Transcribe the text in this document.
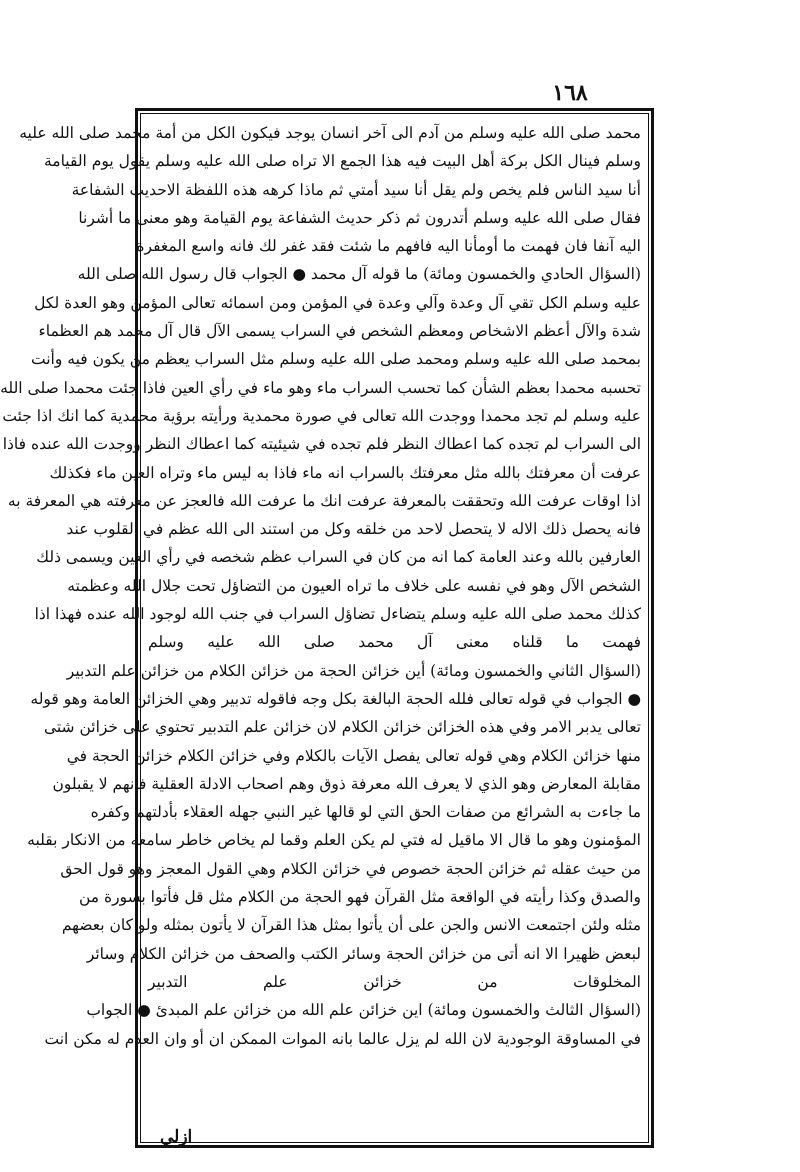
١٦٨
محمد صلى الله عليه وسلم من آدم الى آخر انسان يوجد فيكون الكل من أمة محمد صلى الله عليه
وسلم فينال الكل بركة أهل البيت فيه هذا الجمع الا تراه صلى الله عليه وسلم يقول يوم القيامة
أنا سيد الناس فلم يخص ولم يقل أنا سيد أمتي ثم ماذا كرهه هذه اللفظة الاحديث الشفاعة
فقال صلى الله عليه وسلم أتدرون ثم ذكر حديث الشفاعة يوم القيامة وهو معنى ما أشرنا
اليه آنفا فان فهمت ما أومأنا اليه فافهم ما شئت فقد غفر لك فانه واسع المغفرة
(السؤال الحادي والخمسون ومائة) ما قوله آل محمد ● الجواب قال رسول الله صلى الله
عليه وسلم الكل تقي آل وعدة وآلي وعدة في المؤمن ومن اسمائه تعالى المؤمن وهو العدة لكل
شدة والآل أعظم الاشخاص ومعظم الشخص في السراب يسمى الآل قال آل محمد هم العظماء
بمحمد صلى الله عليه وسلم ومحمد صلى الله عليه وسلم مثل السراب يعظم من يكون فيه وأنت
تحسبه محمدا بعظم الشأن كما تحسب السراب ماء وهو ماء في رأي العين فاذا جئت محمدا صلى الله
عليه وسلم لم تجد محمدا ووجدت الله تعالى في صورة محمدية ورأيته برؤية محمدية كما انك اذا جئت
الى السراب لم تجده كما اعطاك النظر فلم تجده في شيئيته كما اعطاك النظر ووجدت الله عنده فاذا
عرفت أن معرفتك بالله مثل معرفتك بالسراب انه ماء فاذا به ليس ماء وتراه العين ماء فكذلك
اذا اوقات عرفت الله وتحققت بالمعرفة عرفت انك ما عرفت الله فالعجز عن معرفته هي المعرفة به
فانه يحصل ذلك الاله لا يتحصل لاحد من خلقه وكل من استند الى الله عظم في القلوب عند
العارفين بالله وعند العامة كما انه من كان في السراب عظم شخصه في رأي العين ويسمى ذلك
الشخص الآل وهو في نفسه على خلاف ما تراه العيون من التضاؤل تحت جلال الله وعظمته
كذلك محمد صلى الله عليه وسلم يتضاءل تضاؤل السراب في جنب الله لوجود الله عنده فهذا اذا
فهمت ما قلناه معنى آل محمد صلى الله عليه وسلم
(السؤال الثاني والخمسون ومائة) أين خزائن الحجة من خزائن الكلام من خزائن علم التدبير
● الجواب في قوله تعالى فلله الحجة البالغة بكل وجه فاقوله تدبير وهي الخزائن العامة وهو قوله
تعالى يدبر الامر وفي هذه الخزائن خزائن الكلام لان خزائن علم التدبير تحتوي على خزائن شتى
منها خزائن الكلام وهي قوله تعالى يفصل الآيات بالكلام وفي خزائن الكلام خزائن الحجة في
مقابلة المعارض وهو الذي لا يعرف الله معرفة ذوق وهم اصحاب الادلة العقلية فانهم لا يقبلون
ما جاءت به الشرائع من صفات الحق التي لو قالها غير النبي جهله العقلاء بأدلتهم وكفره
المؤمنون وهو ما قال الا ماقيل له فتي لم يكن العلم وقما لم يخاص خاطر سامعه من الانكار بقلبه
من حيث عقله ثم خزائن الحجة خصوص في خزائن الكلام وهي القول المعجز وهو قول الحق
والصدق وكذا رأيته في الواقعة مثل القرآن فهو الحجة من الكلام مثل قل فأتوا بسورة من
مثله ولئن اجتمعت الانس والجن على أن يأتوا بمثل هذا القرآن لا يأتون بمثله ولو كان بعضهم
لبعض ظهيرا الا انه أتى من خزائن الحجة وسائر الكتب والصحف من خزائن الكلام وسائر
المخلوقات من خزائن علم التدبير
(السؤال الثالث والخمسون ومائة) اين خزائن علم الله من خزائن علم المبدئ ● الجواب
في المساوقة الوجودية لان الله لم يزل عالما بانه الموات الممكن ان أو وان العدم له مكن انت
ازلي
